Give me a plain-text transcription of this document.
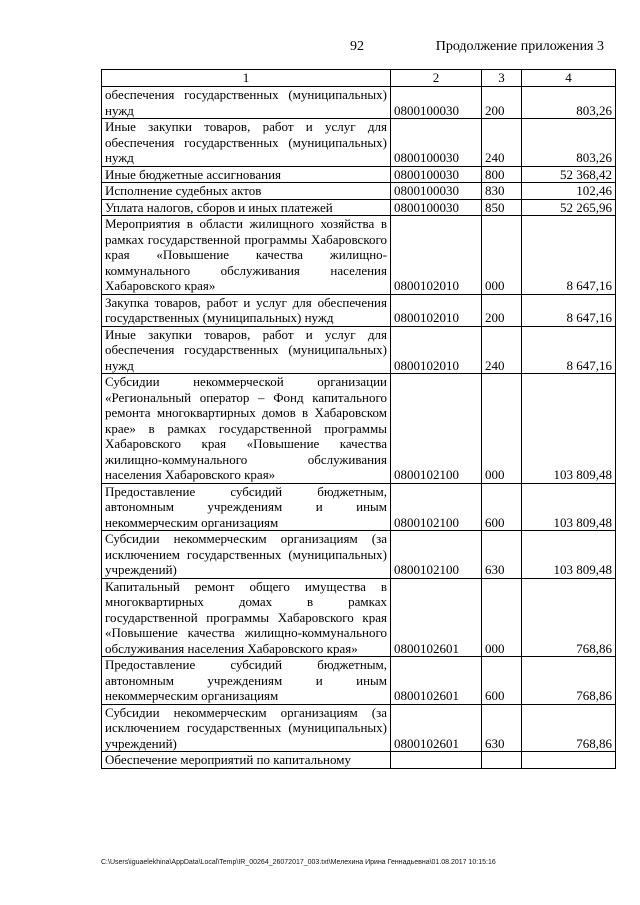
92	Продолжение приложения 3
1	2	3	4
обеспечения государственных (муниципальных) нужд	0800100030	200	803,26
Иные закупки товаров, работ и услуг для обеспечения государственных (муниципальных) нужд	0800100030	240	803,26
Иные бюджетные ассигнования	0800100030	800	52 368,42
Исполнение судебных актов	0800100030	830	102,46
Уплата налогов, сборов и иных платежей	0800100030	850	52 265,96
Мероприятия в области жилищного хозяйства в рамках государственной программы Хабаровского края «Повышение качества жилищно-коммунального обслуживания населения Хабаровского края»	0800102010	000	8 647,16
Закупка товаров, работ и услуг для обеспечения государственных (муниципальных) нужд	0800102010	200	8 647,16
Иные закупки товаров, работ и услуг для обеспечения государственных (муниципальных) нужд	0800102010	240	8 647,16
Субсидии некоммерческой организации «Региональный оператор – Фонд капитального ремонта многоквартирных домов в Хабаровском крае» в рамках государственной программы Хабаровского края «Повышение качества жилищно-коммунального обслуживания населения Хабаровского края»	0800102100	000	103 809,48
Предоставление субсидий бюджетным, автономным учреждениям и иным некоммерческим организациям	0800102100	600	103 809,48
Субсидии некоммерческим организациям (за исключением государственных (муниципальных) учреждений)	0800102100	630	103 809,48
Капитальный ремонт общего имущества в многоквартирных домах в рамках государственной программы Хабаровского края «Повышение качества жилищно-коммунального обслуживания населения Хабаровского края»	0800102601	000	768,86
Предоставление субсидий бюджетным, автономным учреждениям и иным некоммерческим организациям	0800102601	600	768,86
Субсидии некоммерческим организациям (за исключением государственных (муниципальных) учреждений)	0800102601	630	768,86
Обеспечение мероприятий по капитальному			
C:\Users\iguaelekhina\AppData\Local\Temp\IR_00264_26072017_003.txt\Мелехина Ирина Геннадьевна\01.08.2017 10:15:16
